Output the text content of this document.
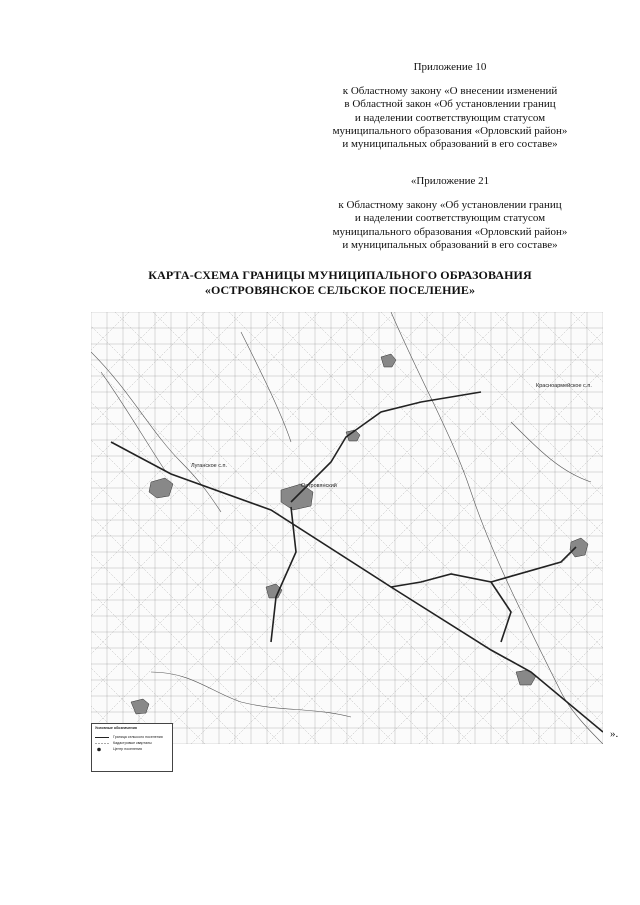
Приложение 10
к Областному закону «О внесении изменений
в Областной закон «Об установлении границ
и наделении соответствующим статусом
муниципального образования «Орловский район»
и муниципальных образований в его составе»
«Приложение 21
к Областному закону «Об установлении границ
и наделении соответствующим статусом
муниципального образования «Орловский район»
и муниципальных образований в его составе»
КАРТА-СХЕМА ГРАНИЦЫ МУНИЦИПАЛЬНОГО ОБРАЗОВАНИЯ
«ОСТРОВЯНСКОЕ СЕЛЬСКОЕ ПОСЕЛЕНИЕ»
Луганское с.п.
Островянский
Красноармейское с.п.
Условные обозначения
Граница сельского поселения
Кадастровые кварталы
Центр поселения
».
